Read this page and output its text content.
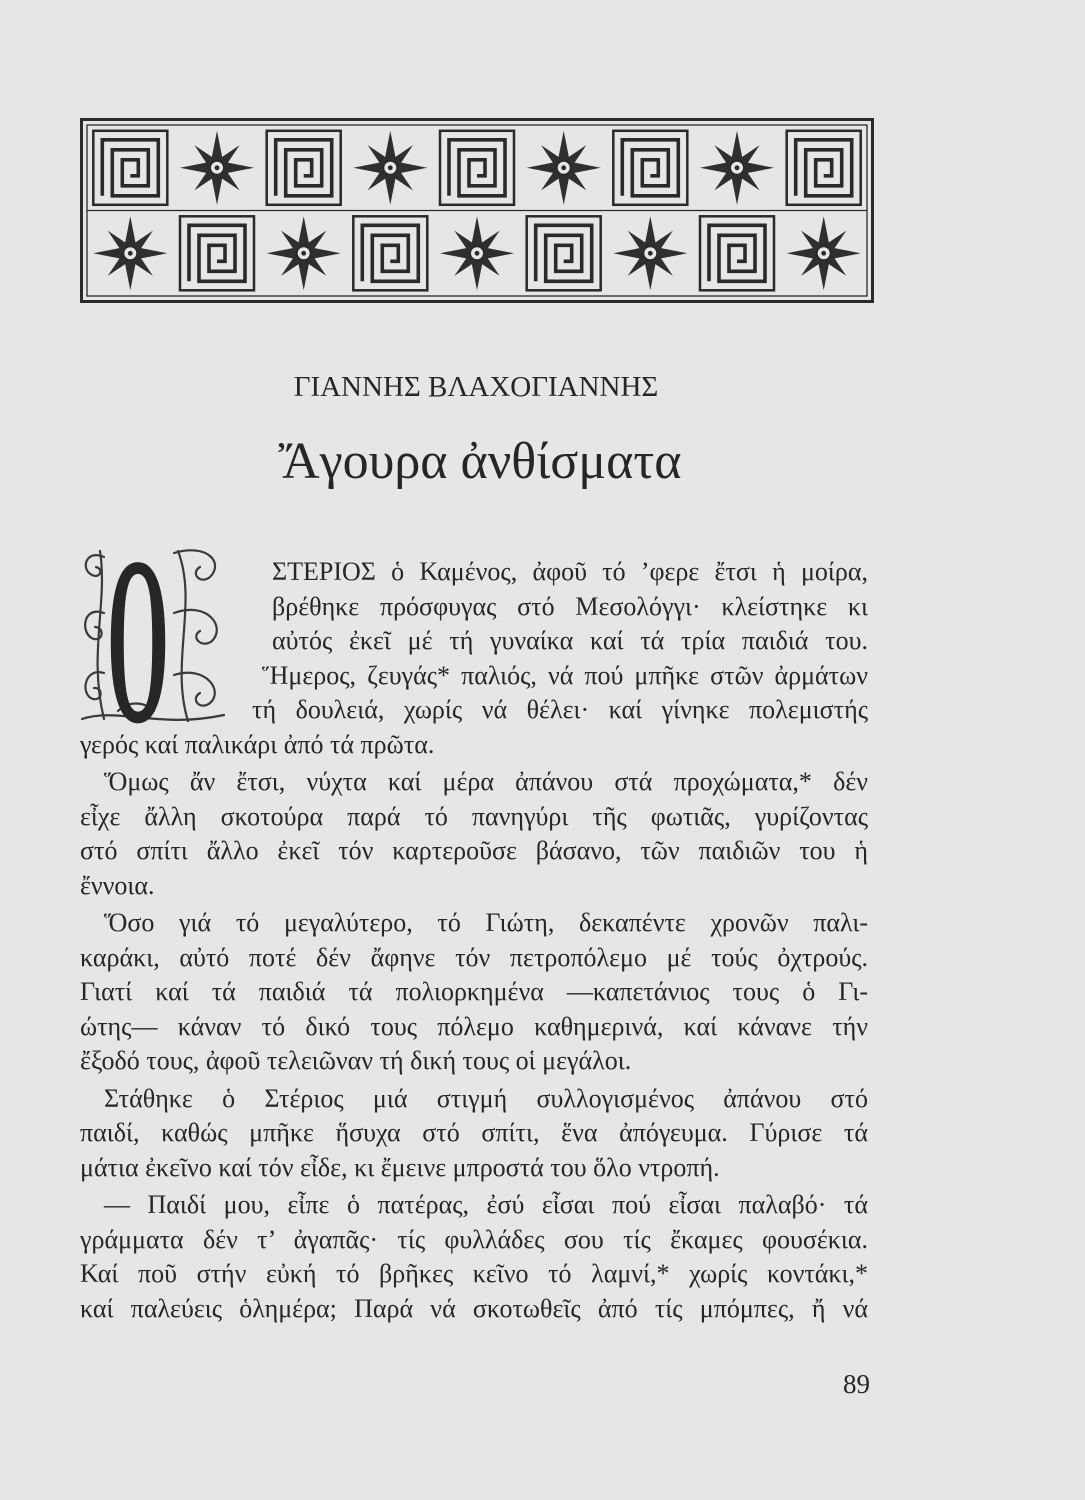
ΓΙΑΝΝΗΣ ΒΛΑΧΟΓΙΑΝΝΗΣ
Ἄγουρα ἀνθίσματα
Ο	ΣΤΕΡΙΟΣ ὁ Καμένος, ἀφοῦ τό ’φερε ἔτσι ἡ μοίρα,
βρέθηκε πρόσφυγας στό Μεσολόγγι· κλείστηκε κι
αὐτός ἐκεῖ μέ τή γυναίκα καί τά τρία παιδιά του.
Ἥμερος, ζευγάς* παλιός, νά πού μπῆκε στῶν ἀρμάτων
τή δουλειά, χωρίς νά θέλει· καί γίνηκε πολεμιστής
γερός καί παλικάρι ἀπό τά πρῶτα.
Ὅμως ἄν ἔτσι, νύχτα καί μέρα ἀπάνου στά προχώματα,* δέν
εἶχε ἄλλη σκοτούρα παρά τό πανηγύρι τῆς φωτιᾶς, γυρίζοντας
στό σπίτι ἄλλο ἐκεῖ τόν καρτεροῦσε βάσανο, τῶν παιδιῶν του ἡ
ἔννοια.
Ὅσο γιά τό μεγαλύτερο, τό Γιώτη, δεκαπέντε χρονῶν παλι-
καράκι, αὐτό ποτέ δέν ἄφηνε τόν πετροπόλεμο μέ τούς ὀχτρούς.
Γιατί καί τά παιδιά τά πολιορκημένα —καπετάνιος τους ὁ Γι-
ώτης— κάναν τό δικό τους πόλεμο καθημερινά, καί κάνανε τήν
ἔξοδό τους, ἀφοῦ τελειῶναν τή δική τους οἱ μεγάλοι.
Στάθηκε ὁ Στέριος μιά στιγμή συλλογισμένος ἀπάνου στό
παιδί, καθώς μπῆκε ἥσυχα στό σπίτι, ἕνα ἀπόγευμα. Γύρισε τά
μάτια ἐκεῖνο καί τόν εἶδε, κι ἔμεινε μπροστά του ὅλο ντροπή.
— Παιδί μου, εἶπε ὁ πατέρας, ἐσύ εἶσαι πού εἶσαι παλαβό· τά
γράμματα δέν τ’ ἀγαπᾶς· τίς φυλλάδες σου τίς ἔκαμες φουσέκια.
Καί ποῦ στήν εὐκή τό βρῆκες κεῖνο τό λαμνί,* χωρίς κοντάκι,*
καί παλεύεις ὁλημέρα; Παρά νά σκοτωθεῖς ἀπό τίς μπόμπες, ἤ νά
89
